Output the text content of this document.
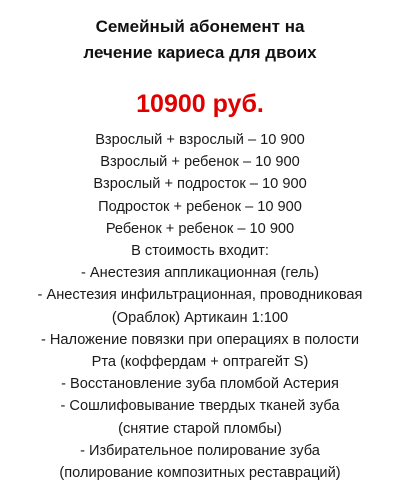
Семейный абонемент на
лечение кариеса для двоих
10900 руб.
Взрослый + взрослый – 10 900
Взрослый + ребенок – 10 900
Взрослый + подросток – 10 900
Подросток + ребенок – 10 900
Ребенок + ребенок – 10 900
В стоимость входит:
- Анестезия аппликационная (гель)
- Анестезия инфильтрационная, проводниковая
(Ораблок) Артикаин 1:100
- Наложение повязки при операциях в полости
Рта (коффердам + оптрагейт S)
- Восстановление зуба пломбой Астерия
- Сошлифовывание твердых тканей зуба
(снятие старой пломбы)
- Избирательное полирование зуба
(полирование композитных реставраций)
